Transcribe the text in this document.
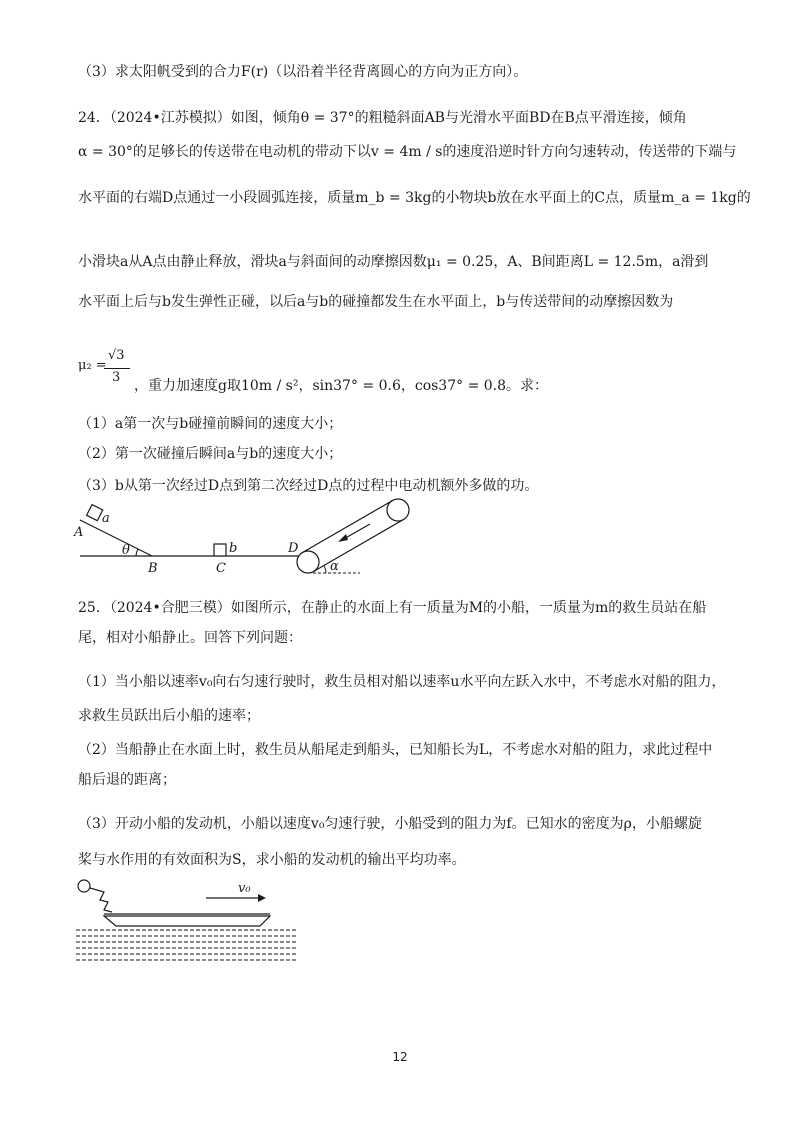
（3）求太阳帆受到的合力F(r)（以沿着半径背离圆心的方向为正方向）。
24．（2024•江苏模拟）如图，倾角θ = 37°的粗糙斜面AB与光滑水平面BD在B点平滑连接，倾角
α = 30°的足够长的传送带在电动机的带动下以v = 4m / s的速度沿逆时针方向匀速转动，传送带的下端与
水平面的右端D点通过一小段圆弧连接，质量m_b = 3kg的小物块b放在水平面上的C点，质量m_a = 1kg的
小滑块a从A点由静止释放，滑块a与斜面间的动摩擦因数μ₁ = 0.25，A、B间距离L = 12.5m，a滑到
水平面上后与b发生弹性正碰，以后a与b的碰撞都发生在水平面上，b与传送带间的动摩擦因数为
μ₂ =
√3
3
，重力加速度g取10m / s²，sin37° = 0.6，cos37° = 0.8。求：
（1）a第一次与b碰撞前瞬间的速度大小；
（2）第一次碰撞后瞬间a与b的速度大小；
（3）b从第一次经过D点到第二次经过D点的过程中电动机额外多做的功。
a
A
θ
B
b
C
D
α
25．（2024•合肥三模）如图所示，在静止的水面上有一质量为M的小船，一质量为m的救生员站在船
尾，相对小船静止。回答下列问题：
（1）当小船以速率v₀向右匀速行驶时，救生员相对船以速率u水平向左跃入水中，不考虑水对船的阻力，
求救生员跃出后小船的速率；
（2）当船静止在水面上时，救生员从船尾走到船头，已知船长为L，不考虑水对船的阻力，求此过程中
船后退的距离；
（3）开动小船的发动机，小船以速度v₀匀速行驶，小船受到的阻力为f。已知水的密度为ρ，小船螺旋
桨与水作用的有效面积为S，求小船的发动机的输出平均功率。
v₀
12
